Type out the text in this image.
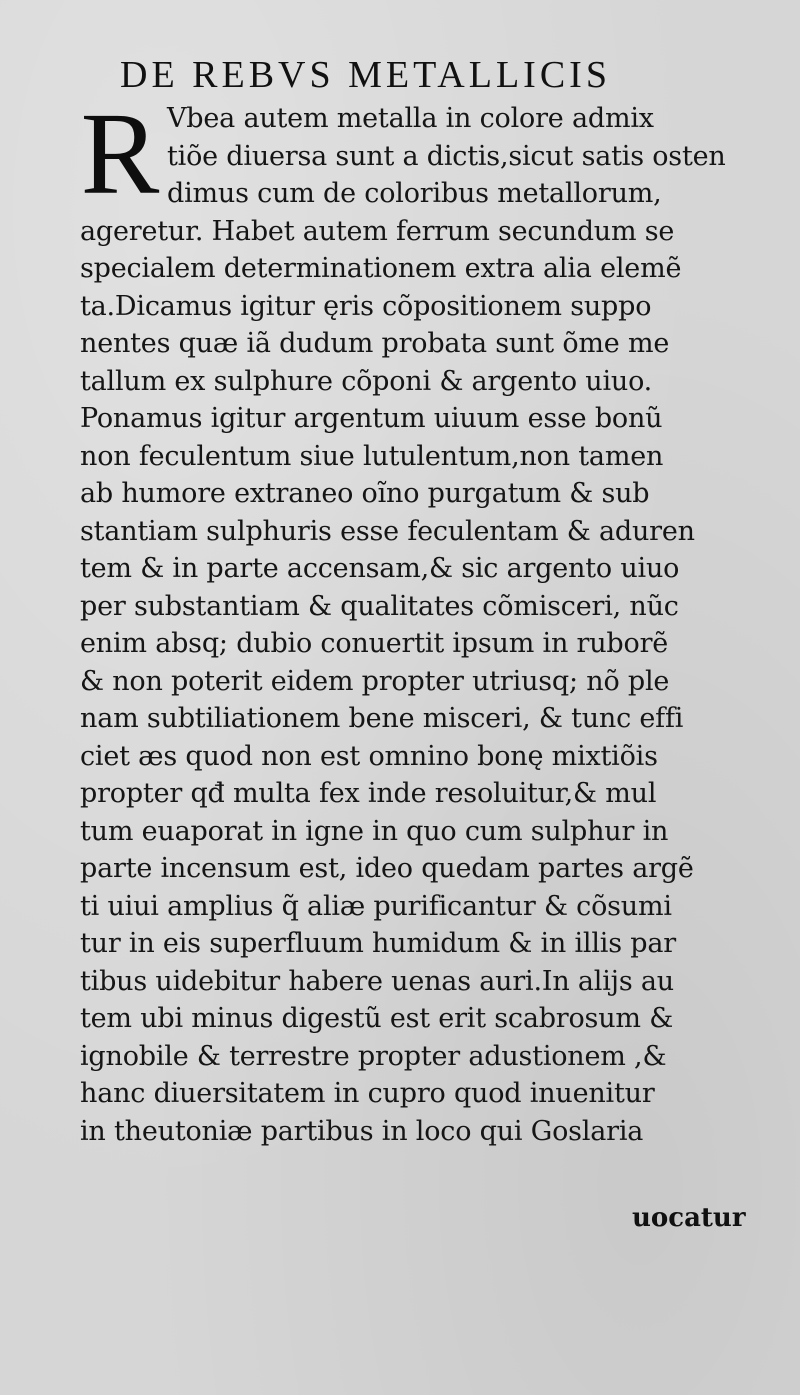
DE REBVS METALLICIS
R Vbea autem metalla in colore admix
tiõe diuersa sunt a dictis,sicut satis osten
dimus cum de coloribus metallorum,
ageretur. Habet autem ferrum secundum se
specialem determinationem extra alia elemẽ
ta.Dicamus igitur ęris cõpositionem suppo
nentes quæ iã dudum probata sunt õme me
tallum ex sulphure cõponi & argento uiuo.
Ponamus igitur argentum uiuum esse bonũ
non feculentum siue lutulentum,non tamen
ab humore extraneo oĩno purgatum & sub
stantiam sulphuris esse feculentam & aduren
tem & in parte accensam,& sic argento uiuo
per substantiam & qualitates cõmisceri, nũc
enim absq; dubio conuertit ipsum in ruborẽ
& non poterit eidem propter utriusq; nõ ple
nam subtiliationem bene misceri, & tunc effi
ciet æs quod non est omnino bonę mixtiõis
propter qđ multa fex inde resoluitur,& mul
tum euaporat in igne in quo cum sulphur in
parte incensum est, ideo quedam partes argẽ
ti uiui amplius q̃ aliæ purificantur & cõsumi
tur in eis superfluum humidum & in illis par
tibus uidebitur habere uenas auri.In alijs au
tem ubi minus digestũ est erit scabrosum &
ignobile & terrestre propter adustionem ,&
hanc diuersitatem in cupro quod inuenitur
in theutoniæ partibus in loco qui Goslaria
uocatur
